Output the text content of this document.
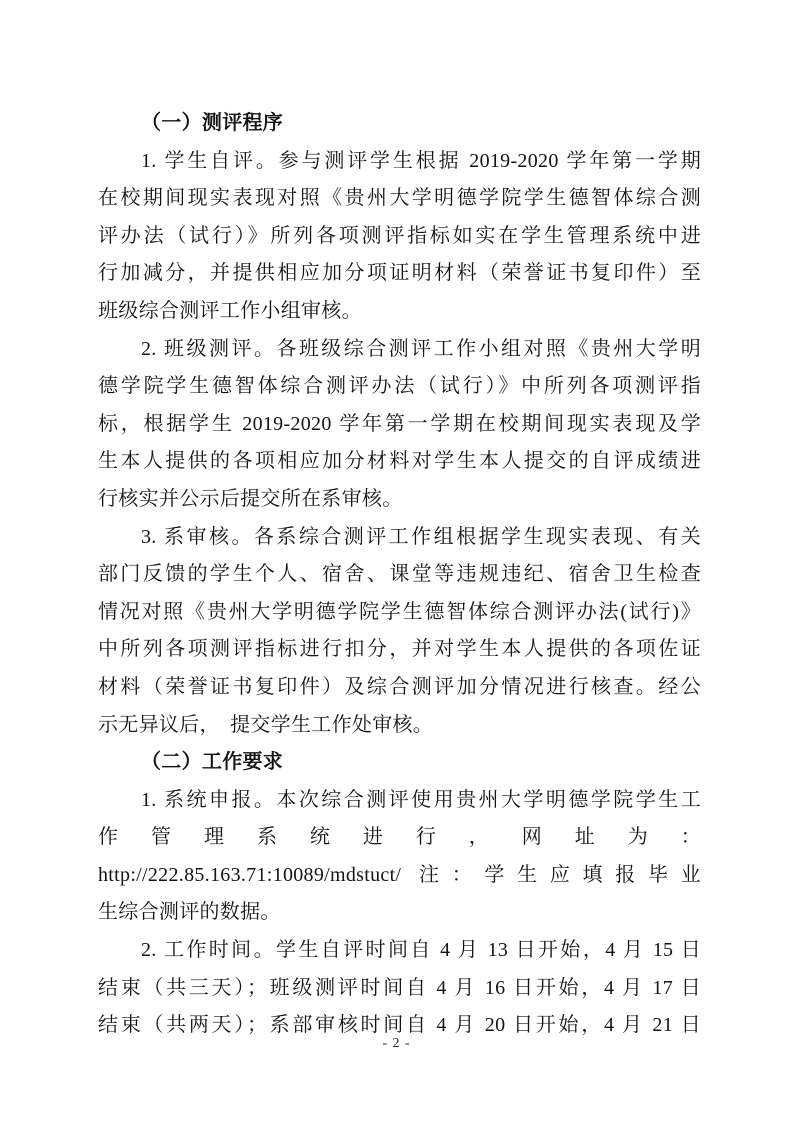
（一）测评程序
1. 学生自评。参与测评学生根据 2019-2020 学年第一学期
在校期间现实表现对照《贵州大学明德学院学生德智体综合测
评办法（试行）》所列各项测评指标如实在学生管理系统中进
行加减分，并提供相应加分项证明材料（荣誉证书复印件）至
班级综合测评工作小组审核。
2. 班级测评。各班级综合测评工作小组对照《贵州大学明
德学院学生德智体综合测评办法（试行）》中所列各项测评指
标，根据学生 2019-2020 学年第一学期在校期间现实表现及学
生本人提供的各项相应加分材料对学生本人提交的自评成绩进
行核实并公示后提交所在系审核。
3. 系审核。各系综合测评工作组根据学生现实表现、有关
部门反馈的学生个人、宿舍、课堂等违规违纪、宿舍卫生检查
情况对照《贵州大学明德学院学生德智体综合测评办法(试行)》
中所列各项测评指标进行扣分，并对学生本人提供的各项佐证
材料（荣誉证书复印件）及综合测评加分情况进行核查。经公
示无异议后，　提交学生工作处审核。
（二）工作要求
1. 系统申报。本次综合测评使用贵州大学明德学院学生工
作 管 理 系 统 进 行 ， 网 址 为 ：
http://222.85.163.71:10089/mdstuct/ 注：学生应填报毕业
生综合测评的数据。
2. 工作时间。学生自评时间自 4 月 13 日开始，4 月 15 日
结束（共三天）；班级测评时间自 4 月 16 日开始，4 月 17 日
结束（共两天）；系部审核时间自 4 月 20 日开始，4 月 21 日
- 2 -
